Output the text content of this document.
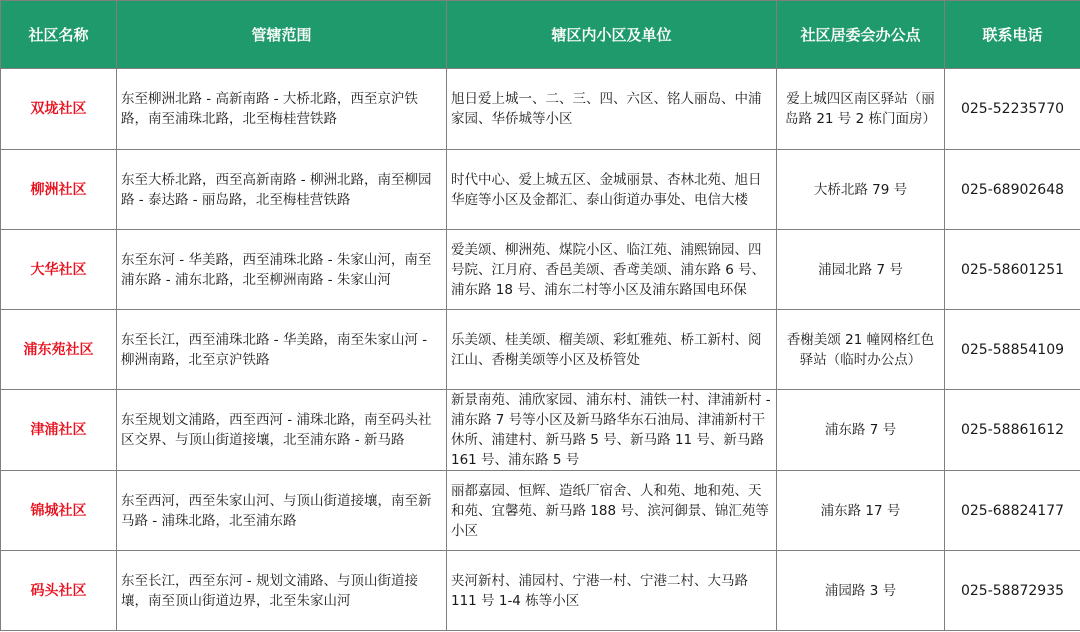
社区名称	管辖范围	辖区内小区及单位	社区居委会办公点	联系电话
双垅社区	东至柳洲北路 - 高新南路 - 大桥北路，西至京沪铁路，南至浦珠北路，北至梅桂营铁路	旭日爱上城一、二、三、四、六区、铭人丽岛、中浦家园、华侨城等小区	爱上城四区南区驿站（丽岛路 21 号 2 栋门面房）	025-52235770
柳洲社区	东至大桥北路，西至高新南路 - 柳洲北路，南至柳园路 - 泰达路 - 丽岛路，北至梅桂营铁路	时代中心、爱上城五区、金城丽景、杏林北苑、旭日华庭等小区及金都汇、泰山街道办事处、电信大楼	大桥北路 79 号	025-68902648
大华社区	东至东河 - 华美路，西至浦珠北路 - 朱家山河，南至浦东路 - 浦东北路，北至柳洲南路 - 朱家山河	爱美颂、柳洲苑、煤院小区、临江苑、浦熙锦园、四号院、江月府、香邑美颂、香鸢美颂、浦东路 6 号、浦东路 18 号、浦东二村等小区及浦东路国电环保	浦园北路 7 号	025-58601251
浦东苑社区	东至长江，西至浦珠北路 - 华美路，南至朱家山河 - 柳洲南路，北至京沪铁路	乐美颂、桂美颂、榴美颂、彩虹雅苑、桥工新村、阅江山、香榭美颂等小区及桥管处	香榭美颂 21 幢网格红色驿站（临时办公点）	025-58854109
津浦社区	东至规划文浦路，西至西河 - 浦珠北路，南至码头社区交界、与顶山街道接壤，北至浦东路 - 新马路	新景南苑、浦欣家园、浦东村、浦铁一村、津浦新村 - 浦东路 7 号等小区及新马路华东石油局、津浦新村干休所、浦建村、新马路 5 号、新马路 11 号、新马路 161 号、浦东路 5 号	浦东路 7 号	025-58861612
锦城社区	东至西河，西至朱家山河、与顶山街道接壤，南至新马路 - 浦珠北路，北至浦东路	丽都嘉园、恒辉、造纸厂宿舍、人和苑、地和苑、天和苑、宜馨苑、新马路 188 号、滨河御景、锦汇苑等小区	浦东路 17 号	025-68824177
码头社区	东至长江，西至东河 - 规划文浦路、与顶山街道接壤，南至顶山街道边界，北至朱家山河	夹河新村、浦园村、宁港一村、宁港二村、大马路 111 号 1-4 栋等小区	浦园路 3 号	025-58872935
